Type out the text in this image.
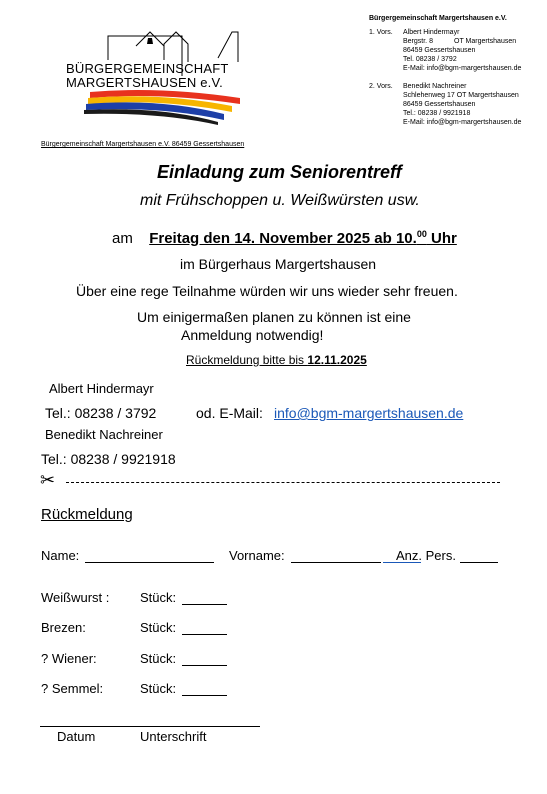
BÜRGERGEMEINSCHAFT
MARGERTSHAUSEN e.V.
Bürgergemeinschaft Margertshausen e.V.
1. Vors. Albert Hindermayr
Bergstr. 8	OT Margertshausen
86459 Gessertshausen
Tel. 08238 / 3792
E-Mail: info@bgm-margertshausen.de
2. Vors. Benedikt Nachreiner
Schlehenweg 17 OT Margertshausen
86459 Gessertshausen
Tel.: 08238 / 9921918
E-Mail: info@bgm-margertshausen.de
Bürgergemeinschaft Margertshausen e.V. 86459 Gessertshausen
Einladung zum Seniorentreff
mit Frühschoppen u. Weißwürsten usw.
am Freitag den 14. November 2025 ab 10.00 Uhr
im Bürgerhaus Margertshausen
Über eine rege Teilnahme würden wir uns wieder sehr freuen.
Um einigermaßen planen zu können ist eine
Anmeldung notwendig!
Rückmeldung bitte bis 12.11.2025
Albert Hindermayr
Tel.: 08238 / 3792	od. E-Mail: info@bgm-margertshausen.de
Benedikt Nachreiner
Tel.: 08238 / 9921918
✂
Rückmeldung
Name:	Vorname:	Anz. Pers.
Weißwurst : Stück:
Brezen:	Stück:
? Wiener:	Stück:
? Semmel:	Stück:
Datum	Unterschrift
